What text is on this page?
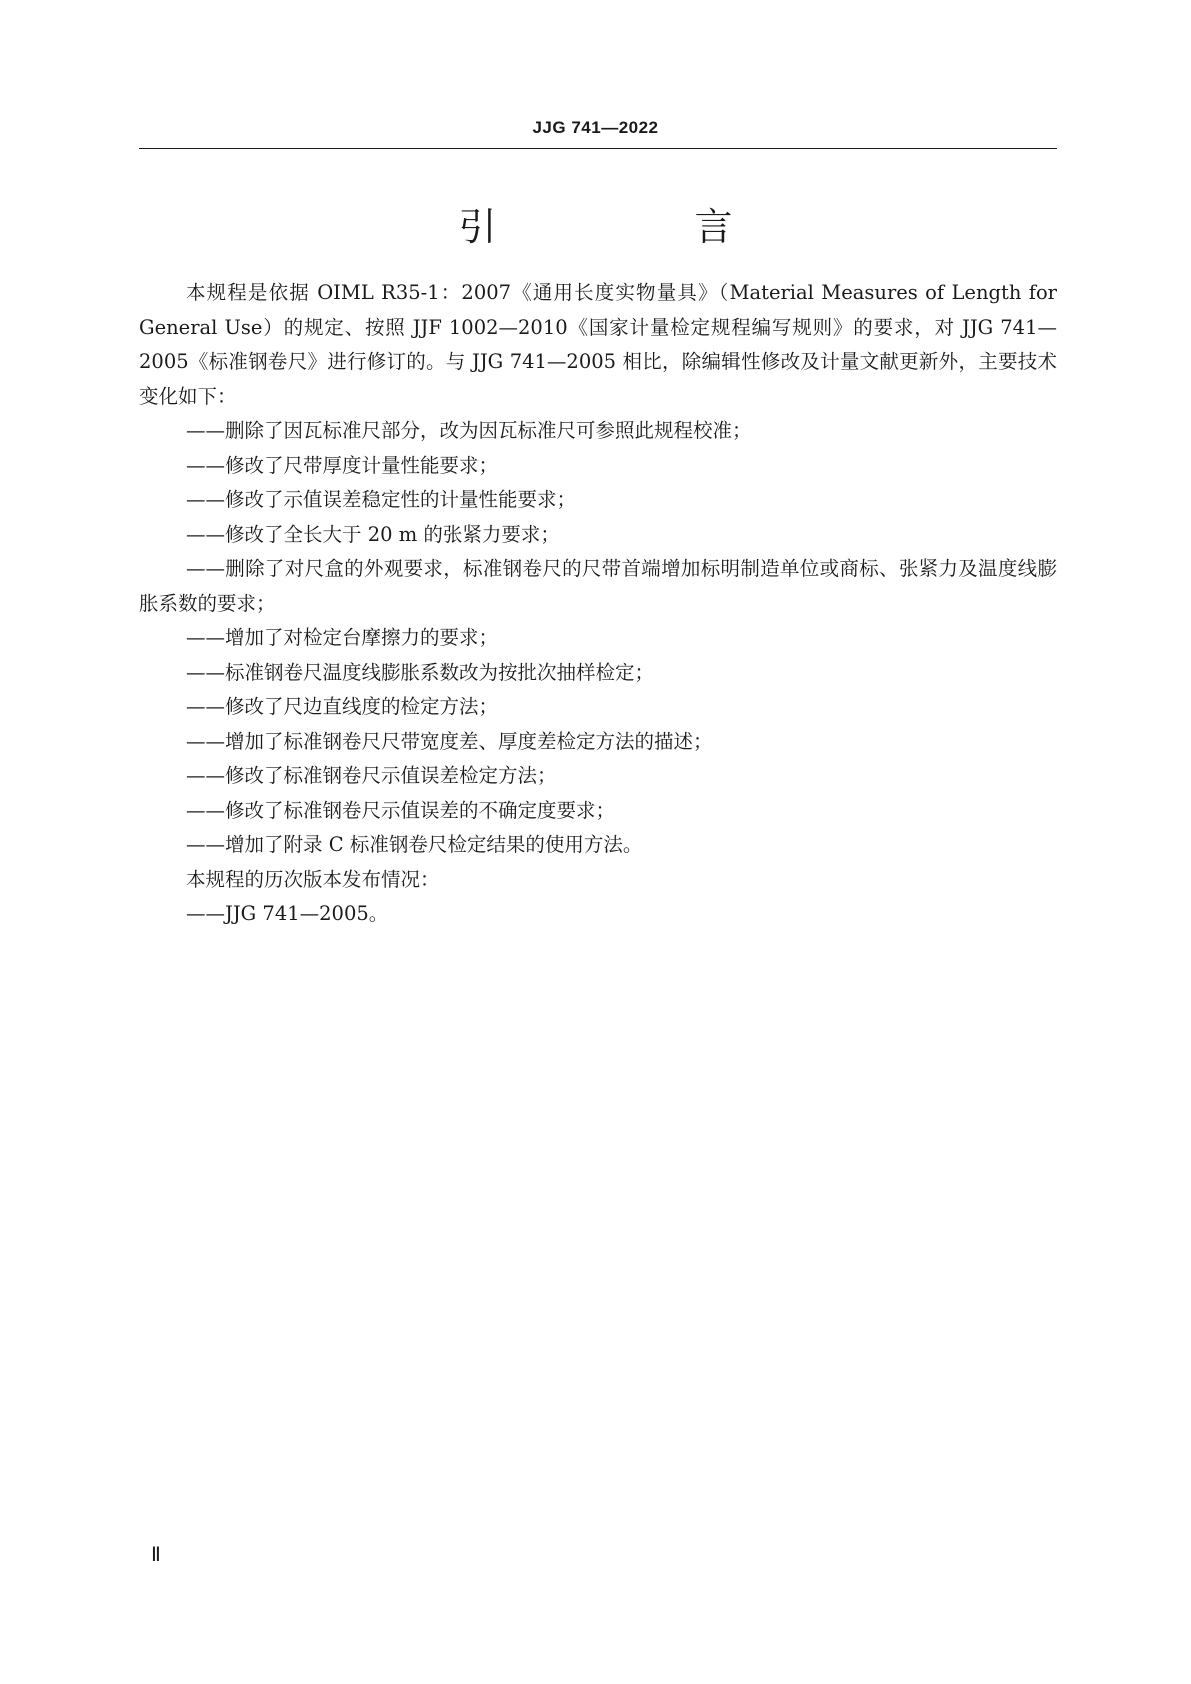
JJG 741—2022
引　言

本规程是依据 OIML R35-1：2007《通用长度实物量具》（Material Measures of Length for General Use）的规定、按照 JJF 1002—2010《国家计量检定规程编写规则》的要求，对 JJG 741—2005《标准钢卷尺》进行修订的。与 JJG 741—2005 相比，除编辑性修改及计量文献更新外，主要技术变化如下：

——删除了因瓦标准尺部分，改为因瓦标准尺可参照此规程校准；

——修改了尺带厚度计量性能要求；

——修改了示值误差稳定性的计量性能要求；

——修改了全长大于 20 m 的张紧力要求；

——删除了对尺盒的外观要求，标准钢卷尺的尺带首端增加标明制造单位或商标、张紧力及温度线膨胀系数的要求；

——增加了对检定台摩擦力的要求；

——标准钢卷尺温度线膨胀系数改为按批次抽样检定；

——修改了尺边直线度的检定方法；

——增加了标准钢卷尺尺带宽度差、厚度差检定方法的描述；

——修改了标准钢卷尺示值误差检定方法；

——修改了标准钢卷尺示值误差的不确定度要求；

——增加了附录 C 标准钢卷尺检定结果的使用方法。

本规程的历次版本发布情况：

——JJG 741—2005。

Ⅱ
